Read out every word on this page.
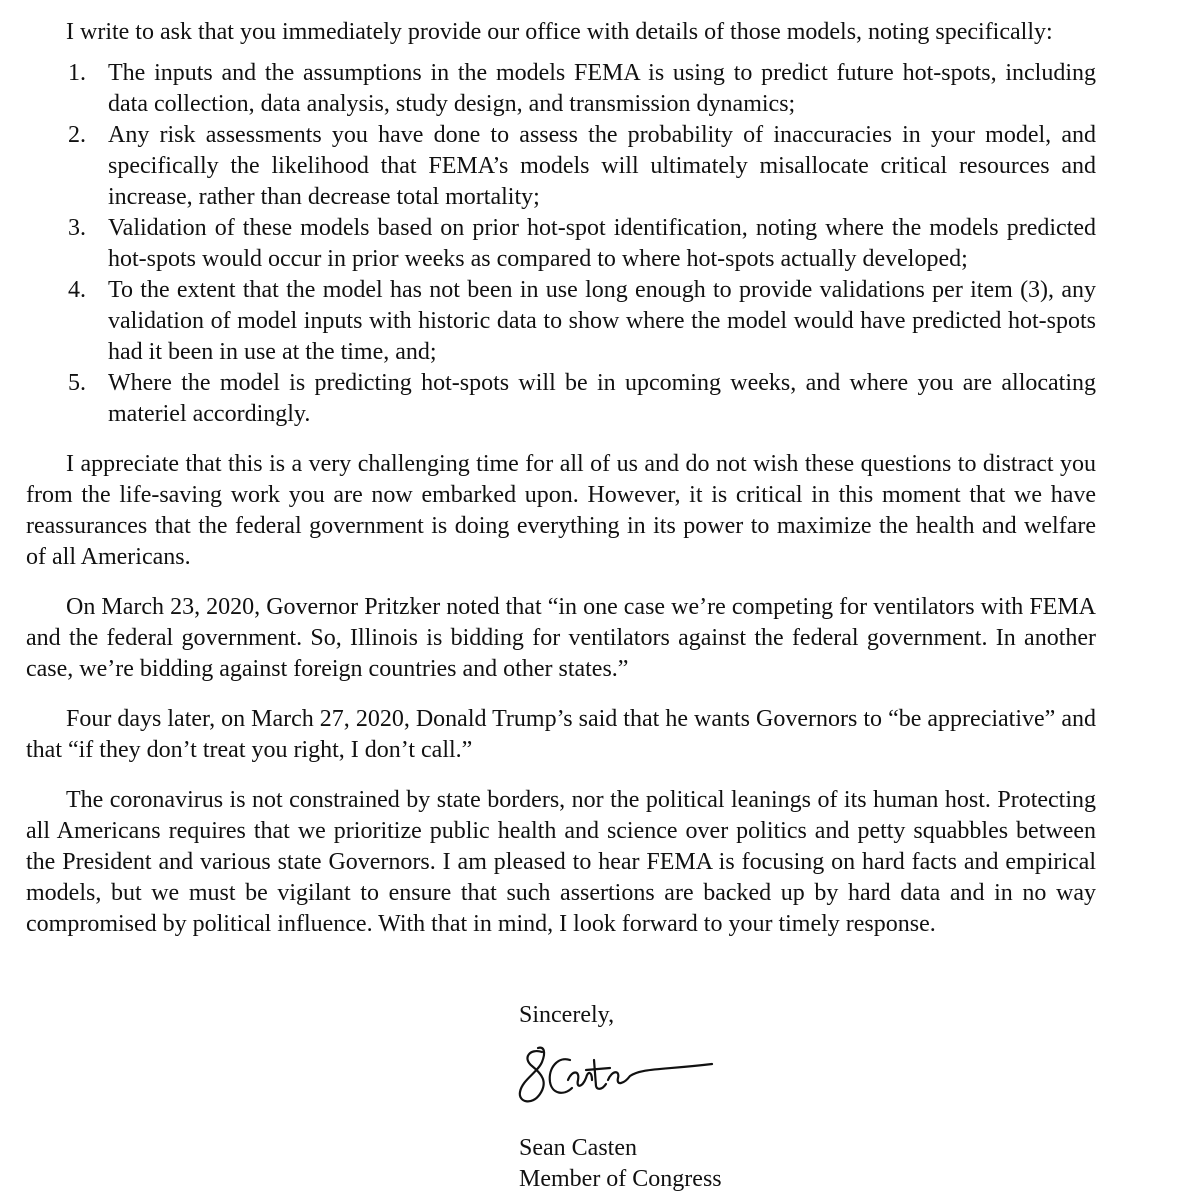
I write to ask that you immediately provide our office with details of those models, noting specifically:

1. The inputs and the assumptions in the models FEMA is using to predict future hot-spots, including data collection, data analysis, study design, and transmission dynamics;
2. Any risk assessments you have done to assess the probability of inaccuracies in your model, and specifically the likelihood that FEMA’s models will ultimately misallocate critical resources and increase, rather than decrease total mortality;
3. Validation of these models based on prior hot-spot identification, noting where the models predicted hot-spots would occur in prior weeks as compared to where hot-spots actually developed;
4. To the extent that the model has not been in use long enough to provide validations per item (3), any validation of model inputs with historic data to show where the model would have predicted hot-spots had it been in use at the time, and;
5. Where the model is predicting hot-spots will be in upcoming weeks, and where you are allocating materiel accordingly.

I appreciate that this is a very challenging time for all of us and do not wish these questions to distract you from the life-saving work you are now embarked upon. However, it is critical in this moment that we have reassurances that the federal government is doing everything in its power to maximize the health and welfare of all Americans.

On March 23, 2020, Governor Pritzker noted that “in one case we’re competing for ventilators with FEMA and the federal government. So, Illinois is bidding for ventilators against the federal government. In another case, we’re bidding against foreign countries and other states.”

Four days later, on March 27, 2020, Donald Trump’s said that he wants Governors to “be appreciative” and that “if they don’t treat you right, I don’t call.”

The coronavirus is not constrained by state borders, nor the political leanings of its human host. Protecting all Americans requires that we prioritize public health and science over politics and petty squabbles between the President and various state Governors. I am pleased to hear FEMA is focusing on hard facts and empirical models, but we must be vigilant to ensure that such assertions are backed up by hard data and in no way compromised by political influence. With that in mind, I look forward to your timely response.

Sincerely,
Sean Casten
Member of Congress
